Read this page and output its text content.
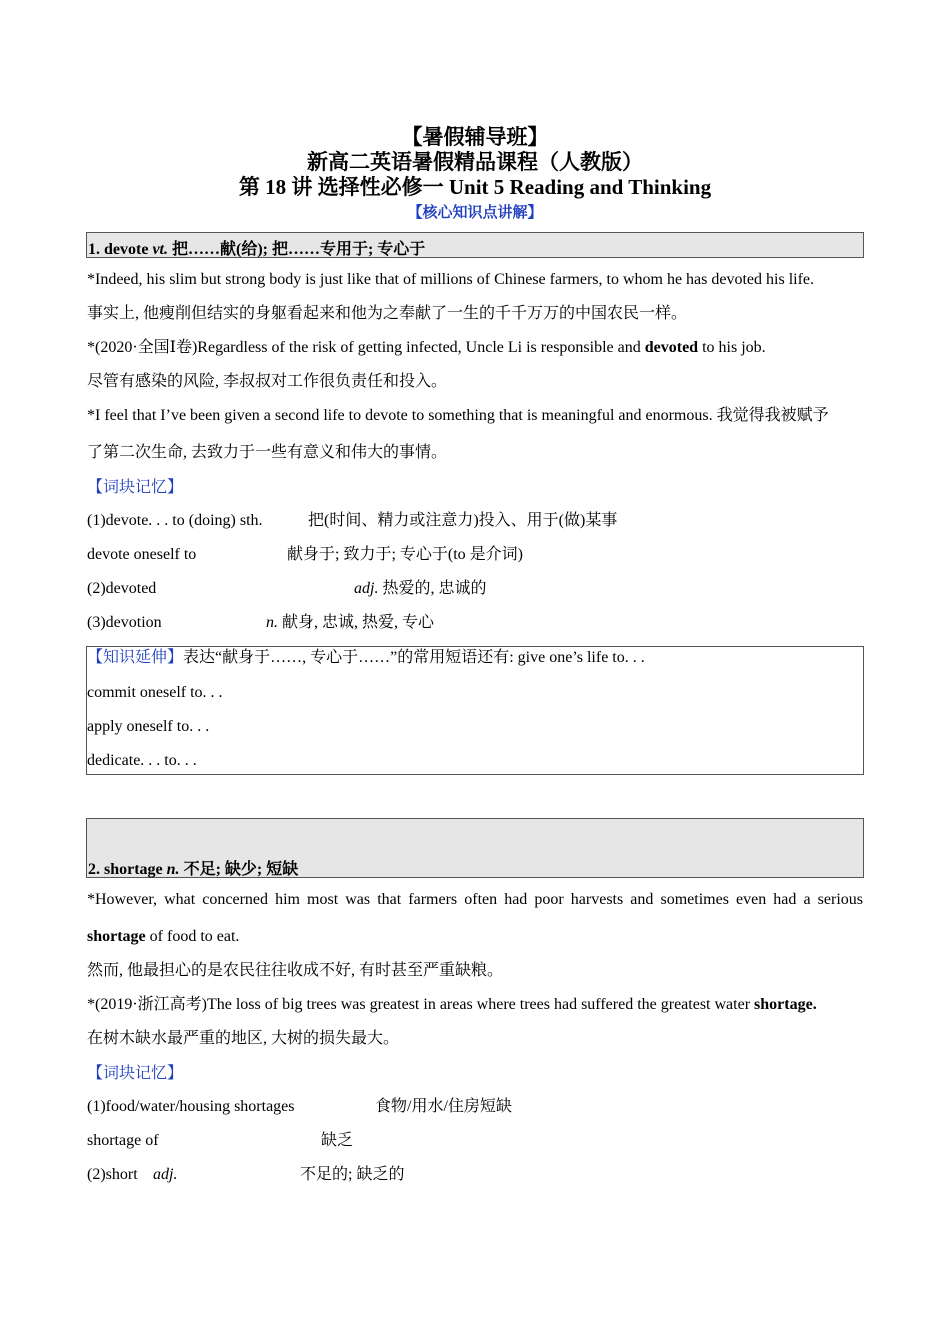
【暑假辅导班】
新高二英语暑假精品课程（人教版）
第 18 讲 选择性必修一 Unit 5 Reading and Thinking
【核心知识点讲解】
1. devote vt. 把……献(给); 把……专用于; 专心于
*Indeed, his slim but strong body is just like that of millions of Chinese farmers, to whom he has devoted his life.
事实上, 他瘦削但结实的身躯看起来和他为之奉献了一生的千千万万的中国农民一样。
*(2020·全国Ⅰ卷)Regardless of the risk of getting infected, Uncle Li is responsible and devoted to his job.
尽管有感染的风险, 李叔叔对工作很负责任和投入。
*I feel that I’ve been given a second life to devote to something that is meaningful and enormous. 我觉得我被赋予
了第二次生命, 去致力于一些有意义和伟大的事情。
【词块记忆】
(1)devote. . . to (doing) sth.	把(时间、精力或注意力)投入、用于(做)某事
devote oneself to	献身于; 致力于; 专心于(to 是介词)
(2)devoted	adj. 热爱的, 忠诚的
(3)devotion	n. 献身, 忠诚, 热爱, 专心
【知识延伸】表达“献身于……, 专心于……”的常用短语还有: give one’s life to. . .
commit oneself to. . .
apply oneself to. . .
dedicate. . . to. . .
2. shortage n. 不足; 缺少; 短缺
*However, what concerned him most was that farmers often had poor harvests and sometimes even had a serious
shortage of food to eat.
然而, 他最担心的是农民往往收成不好, 有时甚至严重缺粮。
*(2019·浙江高考)The loss of big trees was greatest in areas where trees had suffered the greatest water shortage.
在树木缺水最严重的地区, 大树的损失最大。
【词块记忆】
(1)food/water/housing shortages	食物/用水/住房短缺
shortage of	缺乏
(2)short adj.	不足的; 缺乏的
